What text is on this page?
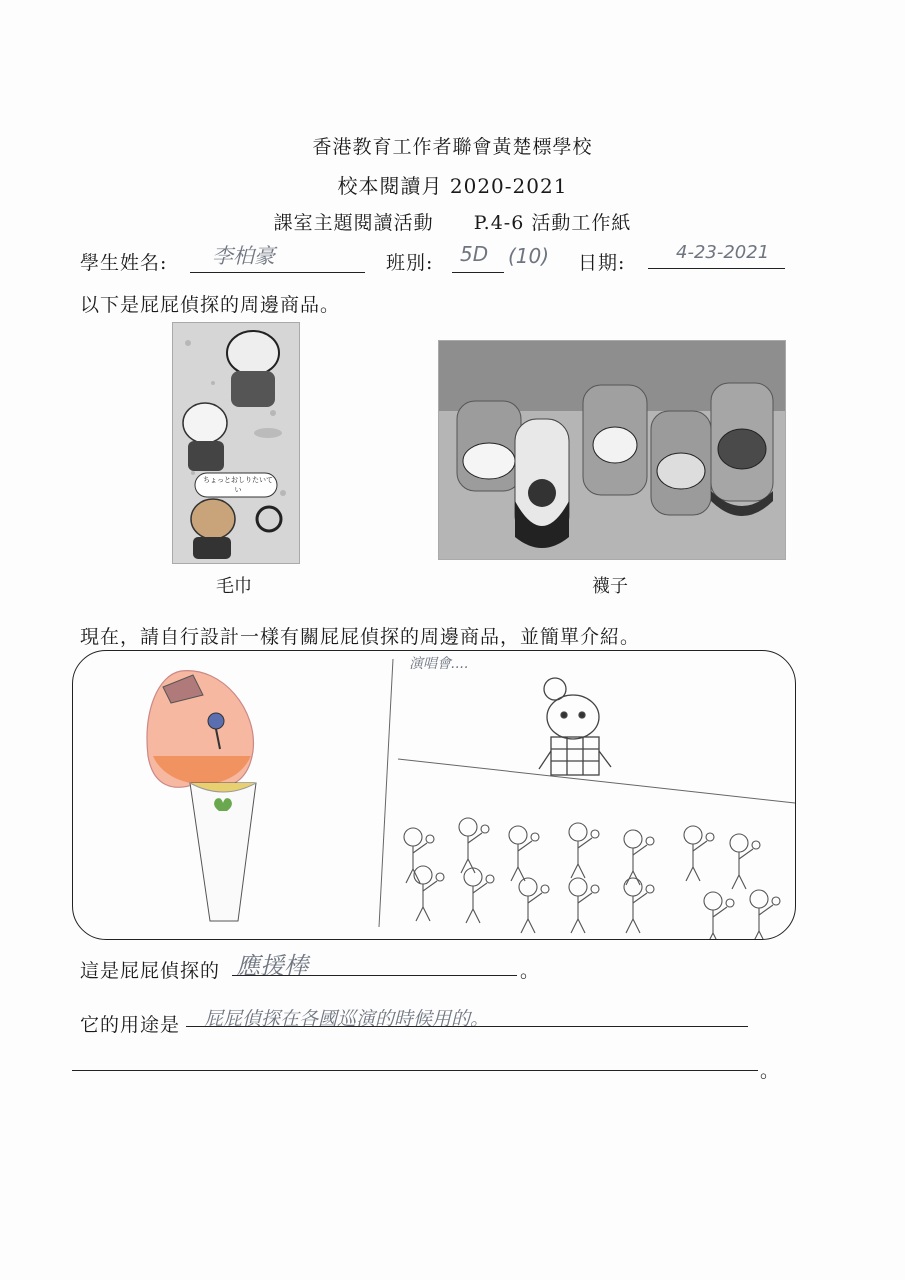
香港教育工作者聯會黃楚標學校
校本閱讀月 2020-2021
課室主題閱讀活動 P.4-6 活動工作紙
學生姓名: 李柏豪	班別: 5D (10) 日期:	4-23-2021
以下是屁屁偵探的周邊商品。
ちょっとおしりたいてい
毛巾	襪子
現在，請自行設計一樣有關屁屁偵探的周邊商品，並簡單介紹。
演唱會....
這是屁屁偵探的 應援棒	。
它的用途是 屁屁偵探在各國巡演的時候用的。
。
